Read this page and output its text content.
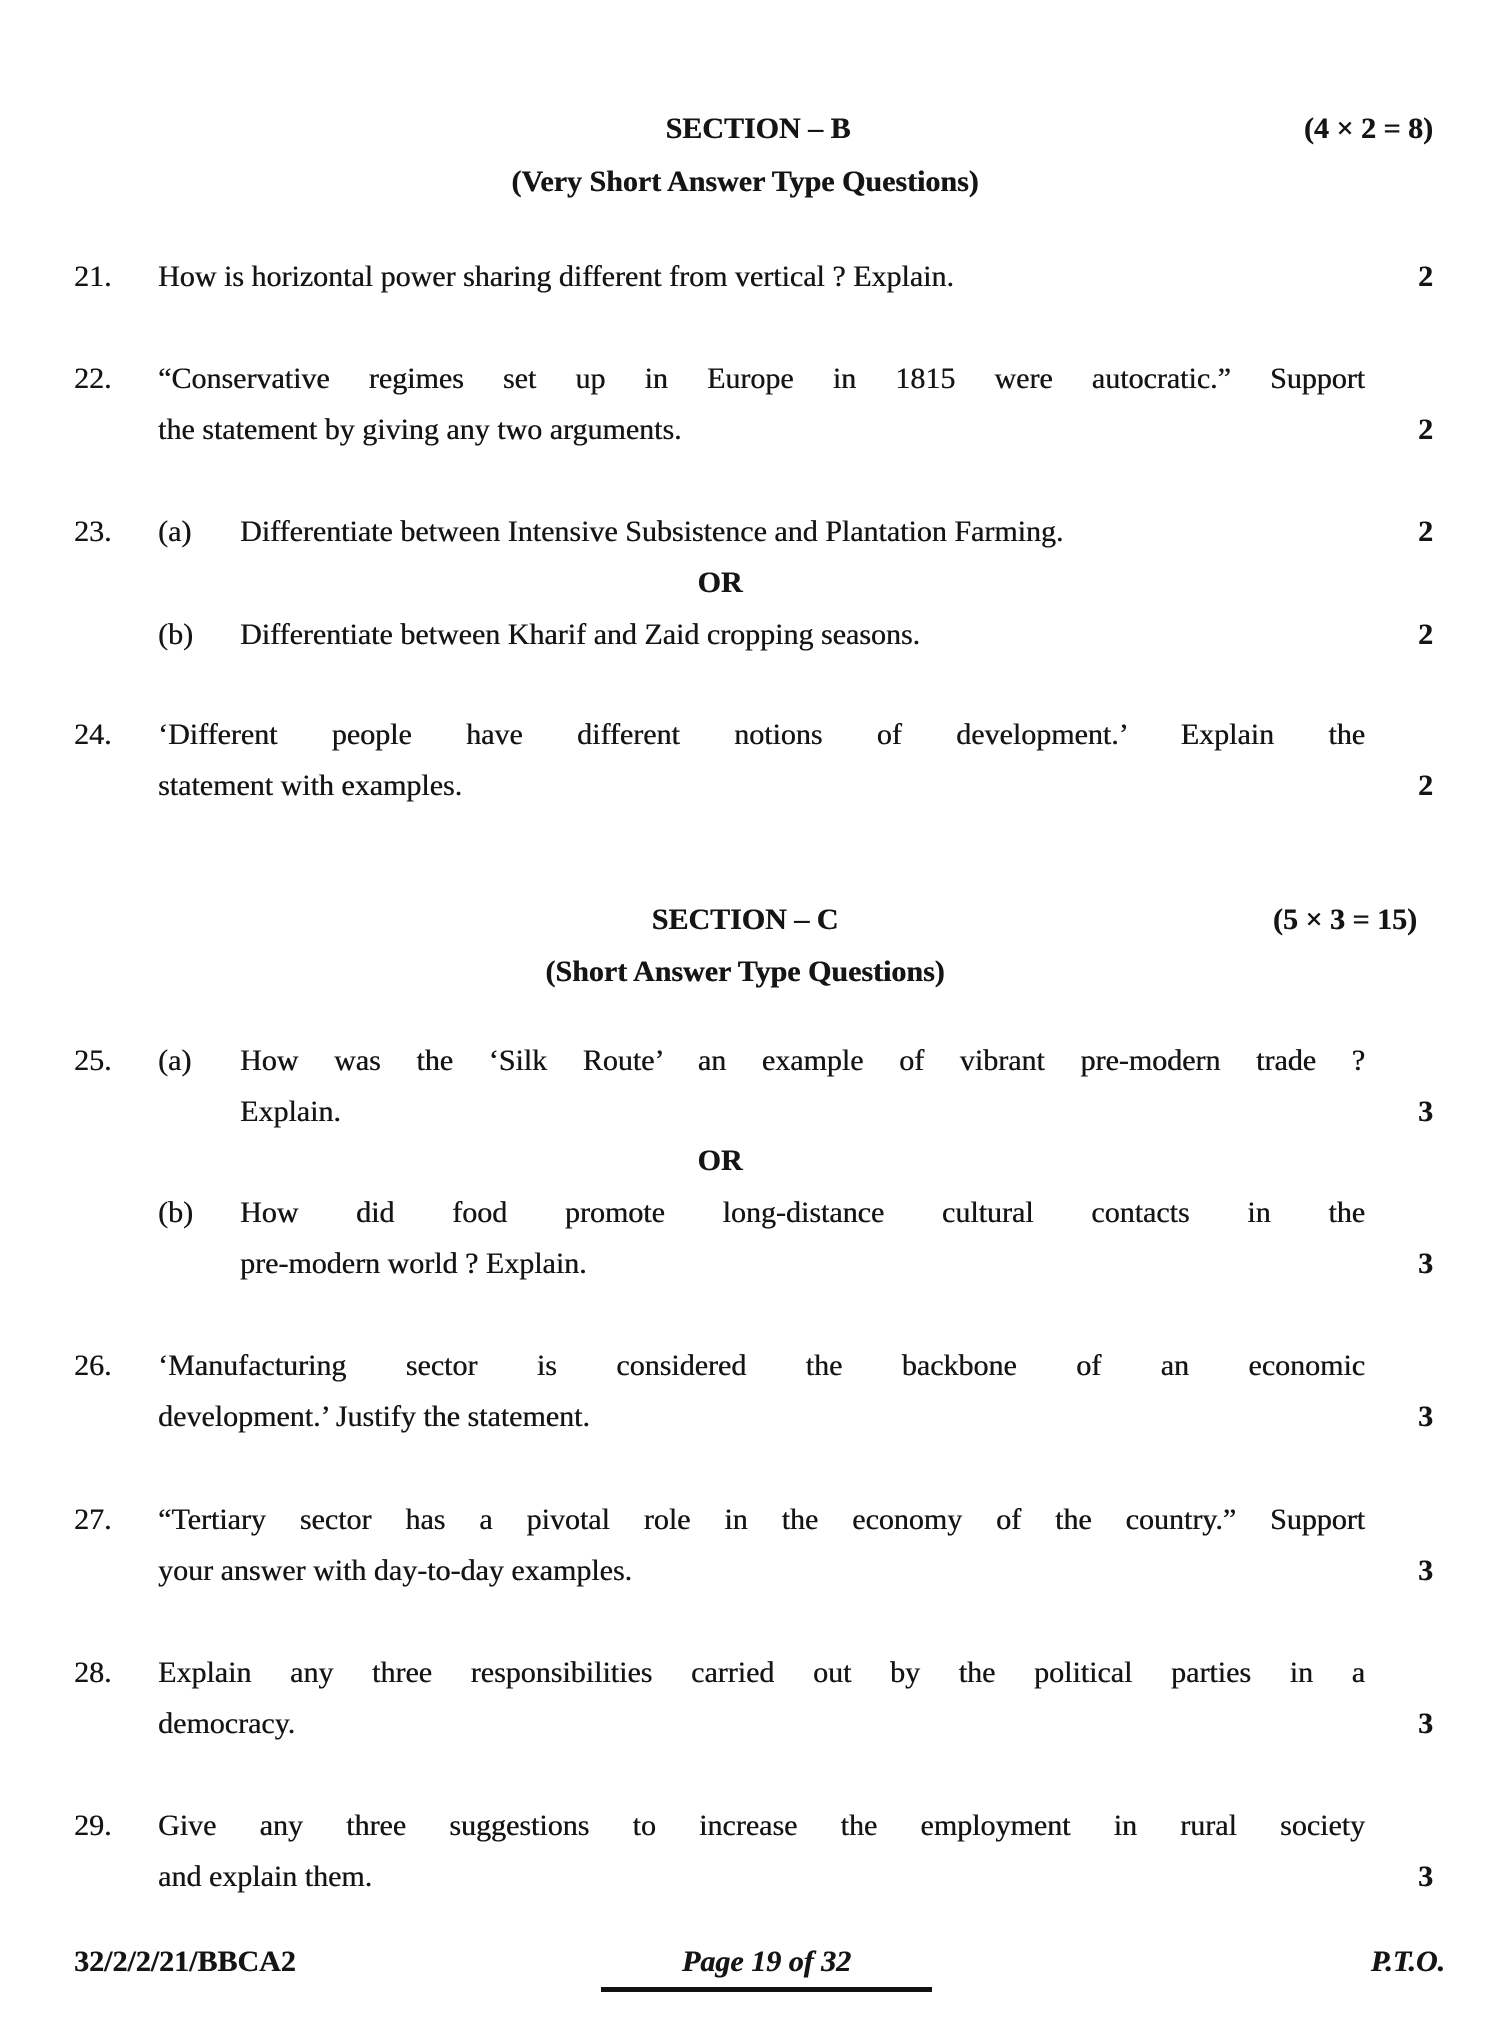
SECTION – B	(4 × 2 = 8)
(Very Short Answer Type Questions)
21. How is horizontal power sharing different from vertical ? Explain.	2
22. “Conservative regimes set up in Europe in 1815 were autocratic.” Support
the statement by giving any two arguments.	2
23. (a) Differentiate between Intensive Subsistence and Plantation Farming.	2
OR
(b) Differentiate between Kharif and Zaid cropping seasons.	2
24. ‘Different people have different notions of development.’ Explain the
statement with examples.	2
SECTION – C	(5 × 3 = 15)
(Short Answer Type Questions)
25. (a) How was the ‘Silk Route’ an example of vibrant pre-modern trade ?
Explain.	3
OR
(b) How did food promote long-distance cultural contacts in the
pre-modern world ? Explain.	3
26. ‘Manufacturing sector is considered the backbone of an economic
development.’ Justify the statement.	3
27. “Tertiary sector has a pivotal role in the economy of the country.” Support
your answer with day-to-day examples.	3
28. Explain any three responsibilities carried out by the political parties in a
democracy.	3
29. Give any three suggestions to increase the employment in rural society
and explain them.	3
32/2/2/21/BBCA2	Page 19 of 32	P.T.O.
